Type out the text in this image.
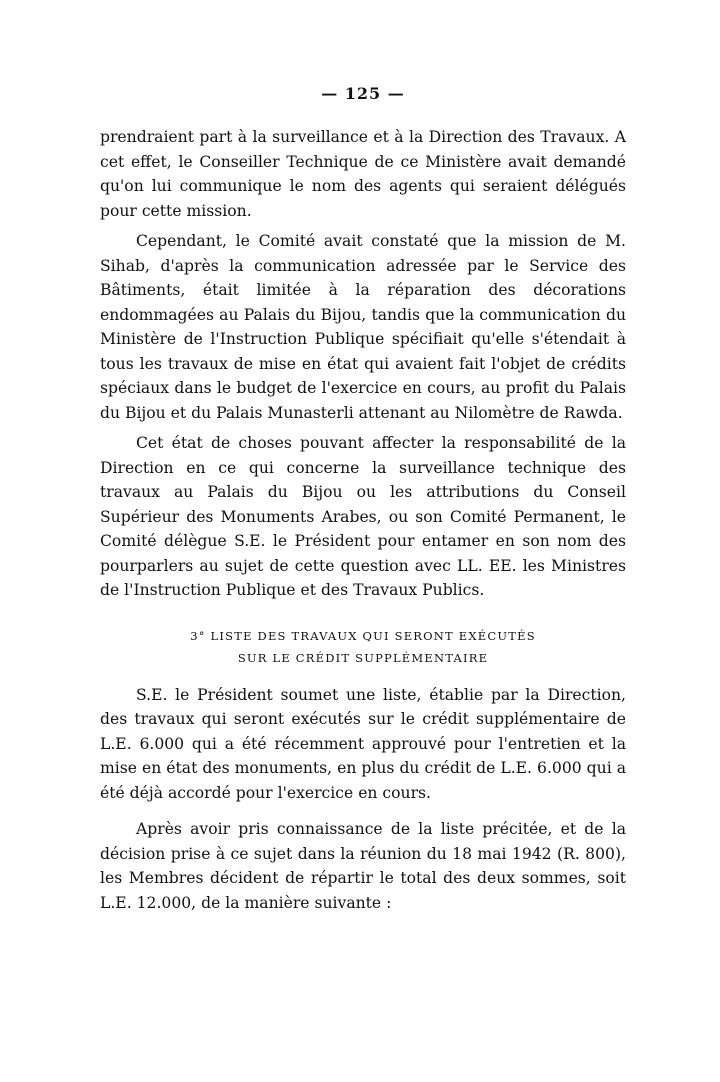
— 125 —

prendraient part à la surveillance et à la Direction des Travaux. A cet effet, le Conseiller Technique de ce Ministère avait demandé qu'on lui communique le nom des agents qui seraient délégués pour cette mission.

Cependant, le Comité avait constaté que la mission de M. Sihab, d'après la communication adressée par le Service des Bâtiments, était limitée à la réparation des décorations endommagées au Palais du Bijou, tandis que la communication du Ministère de l'Instruction Publique spécifiait qu'elle s'étendait à tous les travaux de mise en état qui avaient fait l'objet de crédits spéciaux dans le budget de l'exercice en cours, au profit du Palais du Bijou et du Palais Munasterli attenant au Nilomètre de Rawda.

Cet état de choses pouvant affecter la responsabilité de la Direction en ce qui concerne la surveillance technique des travaux au Palais du Bijou ou les attributions du Conseil Supérieur des Monuments Arabes, ou son Comité Permanent, le Comité délègue S.E. le Président pour entamer en son nom des pourparlers au sujet de cette question avec LL. EE. les Ministres de l'Instruction Publique et des Travaux Publics.

3° LISTE DES TRAVAUX QUI SERONT EXÉCUTÉS
SUR LE CRÉDIT SUPPLÉMENTAIRE

S.E. le Président soumet une liste, établie par la Direction, des travaux qui seront exécutés sur le crédit supplémentaire de L.E. 6.000 qui a été récemment approuvé pour l'entretien et la mise en état des monuments, en plus du crédit de L.E. 6.000 qui a été déjà accordé pour l'exercice en cours.

Après avoir pris connaissance de la liste précitée, et de la décision prise à ce sujet dans la réunion du 18 mai 1942 (R. 800), les Membres décident de répartir le total des deux sommes, soit L.E. 12.000, de la manière suivante :
